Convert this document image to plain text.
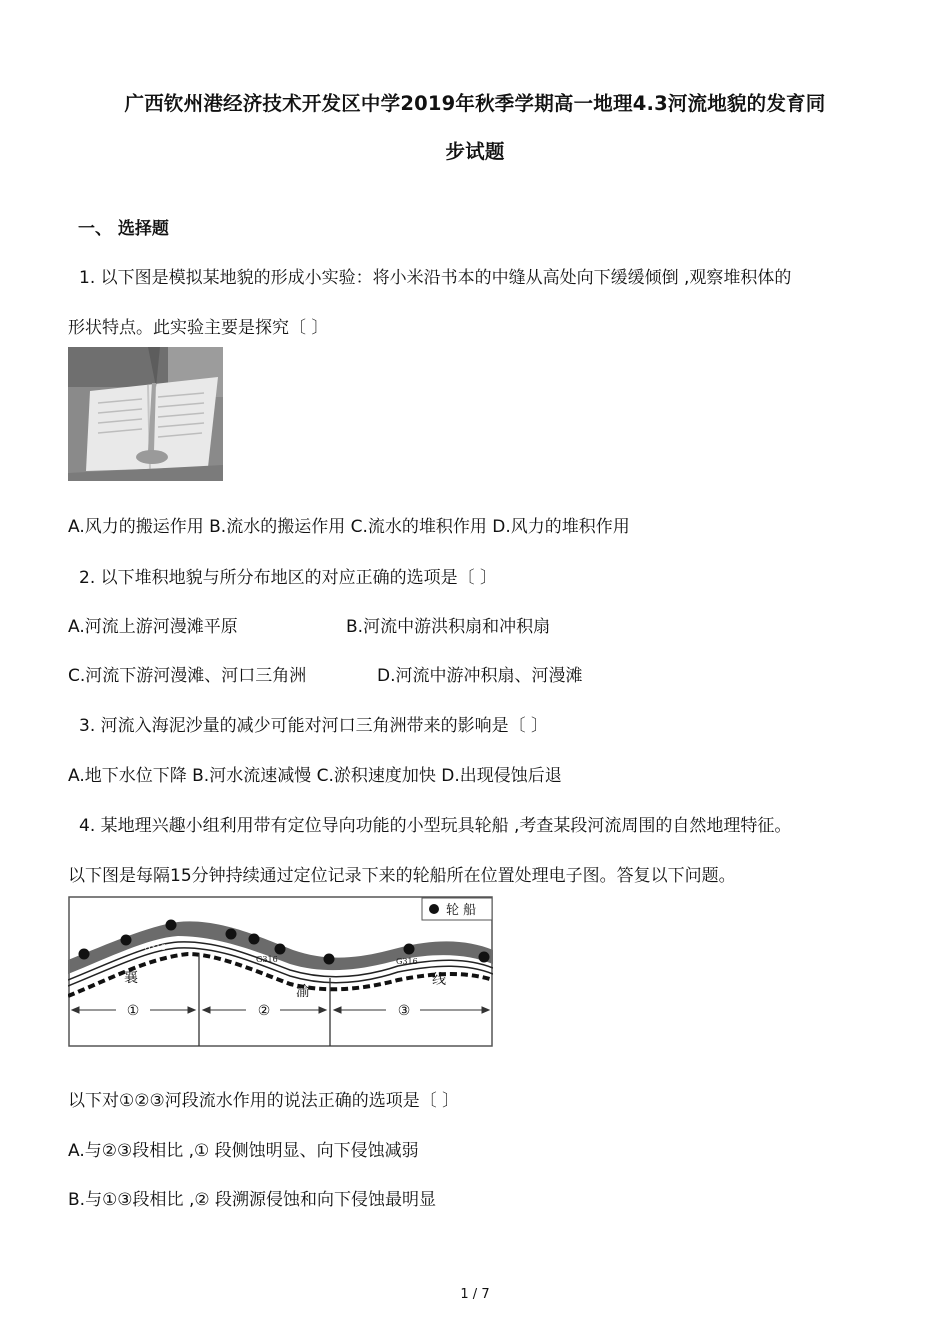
广西钦州港经济技术开发区中学2019年秋季学期高一地理4.3河流地貌的发育同
步试题
一、 选择题
1. 以下图是模拟某地貌的形成小实验：将小米沿书本的中缝从高处向下缓缓倾倒 ,观察堆积体的
形状特点。此实验主要是探究〔 〕
A.风力的搬运作用 B.流水的搬运作用 C.流水的堆积作用 D.风力的堆积作用
2. 以下堆积地貌与所分布地区的对应正确的选项是〔 〕
A.河流上游河漫滩平原	B.河流中游洪积扇和冲积扇
C.河流下游河漫滩、河口三角洲	D.河流中游冲积扇、河漫滩
3. 河流入海泥沙量的减少可能对河口三角洲带来的影响是〔 〕
A.地下水位下降 B.河水流速减慢 C.淤积速度加快 D.出现侵蚀后退
4. 某地理兴趣小组利用带有定位导向功能的小型玩具轮船 ,考查某段河流周围的自然地理特征。
以下图是每隔15分钟持续通过定位记录下来的轮船所在位置处理电子图。答复以下问题。
轮 船
G316
G316	G316
襄
渝
线
①	②	③
以下对①②③河段流水作用的说法正确的选项是〔 〕
A.与②③段相比 ,① 段侧蚀明显、向下侵蚀减弱
B.与①③段相比 ,② 段溯源侵蚀和向下侵蚀最明显
1 / 7
